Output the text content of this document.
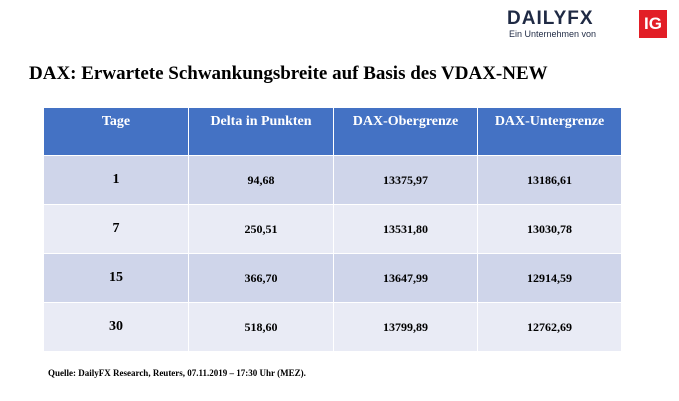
DAILYFX
Ein Unternehmen von
IG
DAX: Erwartete Schwankungsbreite auf Basis des VDAX-NEW
Tage	Delta in Punkten	DAX-Obergrenze	DAX-Untergrenze
1	94,68	13375,97	13186,61
7	250,51	13531,80	13030,78
15	366,70	13647,99	12914,59
30	518,60	13799,89	12762,69
Quelle: DailyFX Research, Reuters, 07.11.2019 – 17:30 Uhr (MEZ).
